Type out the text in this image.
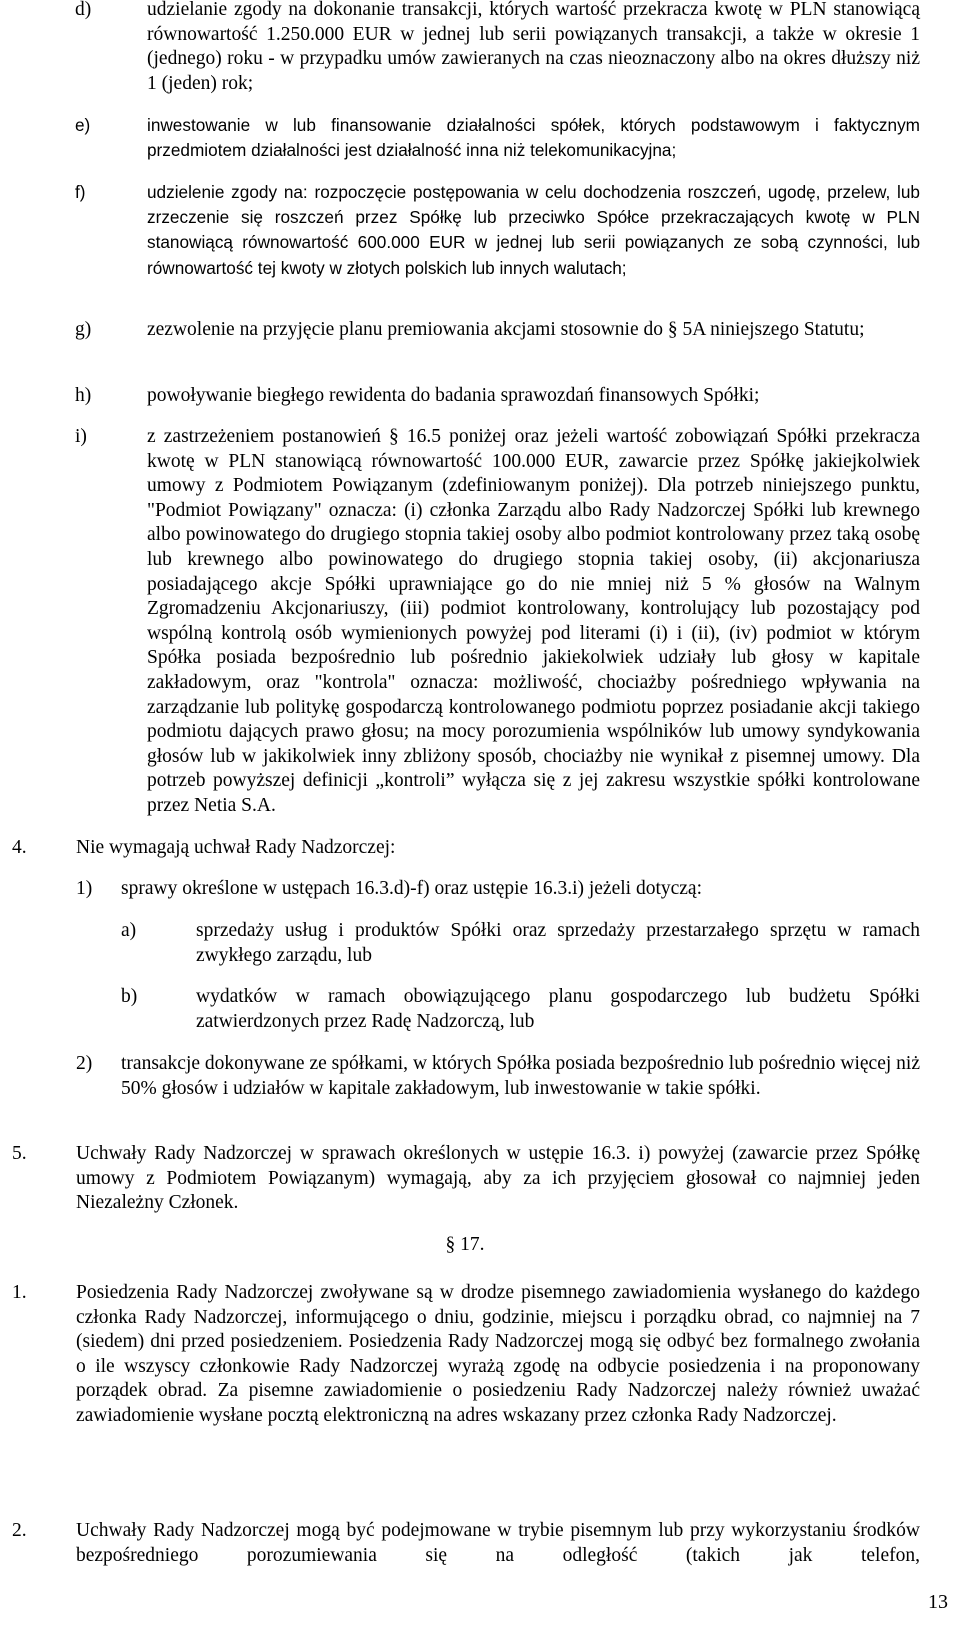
d)	udzielanie zgody na dokonanie transakcji, których wartość przekracza kwotę w PLN stanowiącą równowartość 1.250.000 EUR w jednej lub serii powiązanych transakcji, a także w okresie 1 (jednego) roku - w przypadku umów zawieranych na czas nieoznaczony albo na okres dłuższy niż 1 (jeden) rok;

e)	inwestowanie w lub finansowanie działalności spółek, których podstawowym i faktycznym przedmiotem działalności jest działalność inna niż telekomunikacyjna;

f)	udzielenie zgody na: rozpoczęcie postępowania w celu dochodzenia roszczeń, ugodę, przelew, lub zrzeczenie się roszczeń przez Spółkę lub przeciwko Spółce przekraczających kwotę w PLN stanowiącą równowartość 600.000 EUR w jednej lub serii powiązanych ze sobą czynności, lub równowartość tej kwoty w złotych polskich lub innych walutach;

g)	zezwolenie na przyjęcie planu premiowania akcjami stosownie do § 5A niniejszego Statutu;

h)	powoływanie biegłego rewidenta do badania sprawozdań finansowych Spółki;

i)	z zastrzeżeniem postanowień § 16.5 poniżej oraz jeżeli wartość zobowiązań Spółki przekracza kwotę w PLN stanowiącą równowartość 100.000 EUR, zawarcie przez Spółkę jakiejkolwiek umowy z Podmiotem Powiązanym (zdefiniowanym poniżej). Dla potrzeb niniejszego punktu, "Podmiot Powiązany" oznacza: (i) członka Zarządu albo Rady Nadzorczej Spółki lub krewnego albo powinowatego do drugiego stopnia takiej osoby albo podmiot kontrolowany przez taką osobę lub krewnego albo powinowatego do drugiego stopnia takiej osoby, (ii) akcjonariusza posiadającego akcje Spółki uprawniające go do nie mniej niż 5 % głosów na Walnym Zgromadzeniu Akcjonariuszy, (iii) podmiot kontrolowany, kontrolujący lub pozostający pod wspólną kontrolą osób wymienionych powyżej pod literami (i) i (ii), (iv) podmiot w którym Spółka posiada bezpośrednio lub pośrednio jakiekolwiek udziały lub głosy w kapitale zakładowym, oraz "kontrola" oznacza: możliwość, chociażby pośredniego wpływania na zarządzanie lub politykę gospodarczą kontrolowanego podmiotu poprzez posiadanie akcji takiego podmiotu dających prawo głosu; na mocy porozumienia wspólników lub umowy syndykowania głosów lub w jakikolwiek inny zbliżony sposób, chociażby nie wynikał z pisemnej umowy. Dla potrzeb powyższej definicji „kontroli” wyłącza się z jej zakresu wszystkie spółki kontrolowane przez Netia S.A.

4.	Nie wymagają uchwał Rady Nadzorczej:

1)	sprawy określone w ustępach 16.3.d)-f) oraz ustępie 16.3.i) jeżeli dotyczą:

a)	sprzedaży usług i produktów Spółki oraz sprzedaży przestarzałego sprzętu w ramach zwykłego zarządu, lub

b)	wydatków w ramach obowiązującego planu gospodarczego lub budżetu Spółki zatwierdzonych przez Radę Nadzorczą, lub

2)	transakcje dokonywane ze spółkami, w których Spółka posiada bezpośrednio lub pośrednio więcej niż 50% głosów i udziałów w kapitale zakładowym, lub inwestowanie w takie spółki.

5.	Uchwały Rady Nadzorczej w sprawach określonych w ustępie 16.3. i) powyżej (zawarcie przez Spółkę umowy z Podmiotem Powiązanym) wymagają, aby za ich przyjęciem głosował co najmniej jeden Niezależny Członek.

§ 17.
1.	Posiedzenia Rady Nadzorczej zwoływane są w drodze pisemnego zawiadomienia wysłanego do każdego członka Rady Nadzorczej, informującego o dniu, godzinie, miejscu i porządku obrad, co najmniej na 7 (siedem) dni przed posiedzeniem. Posiedzenia Rady Nadzorczej mogą się odbyć bez formalnego zwołania o ile wszyscy członkowie Rady Nadzorczej wyrażą zgodę na odbycie posiedzenia i na proponowany porządek obrad. Za pisemne zawiadomienie o posiedzeniu Rady Nadzorczej należy również uważać zawiadomienie wysłane pocztą elektroniczną na adres wskazany przez członka Rady Nadzorczej.

2.	Uchwały Rady Nadzorczej mogą być podejmowane w trybie pisemnym lub przy wykorzystaniu środków bezpośredniego porozumiewania się na odległość (takich jak telefon,

13
